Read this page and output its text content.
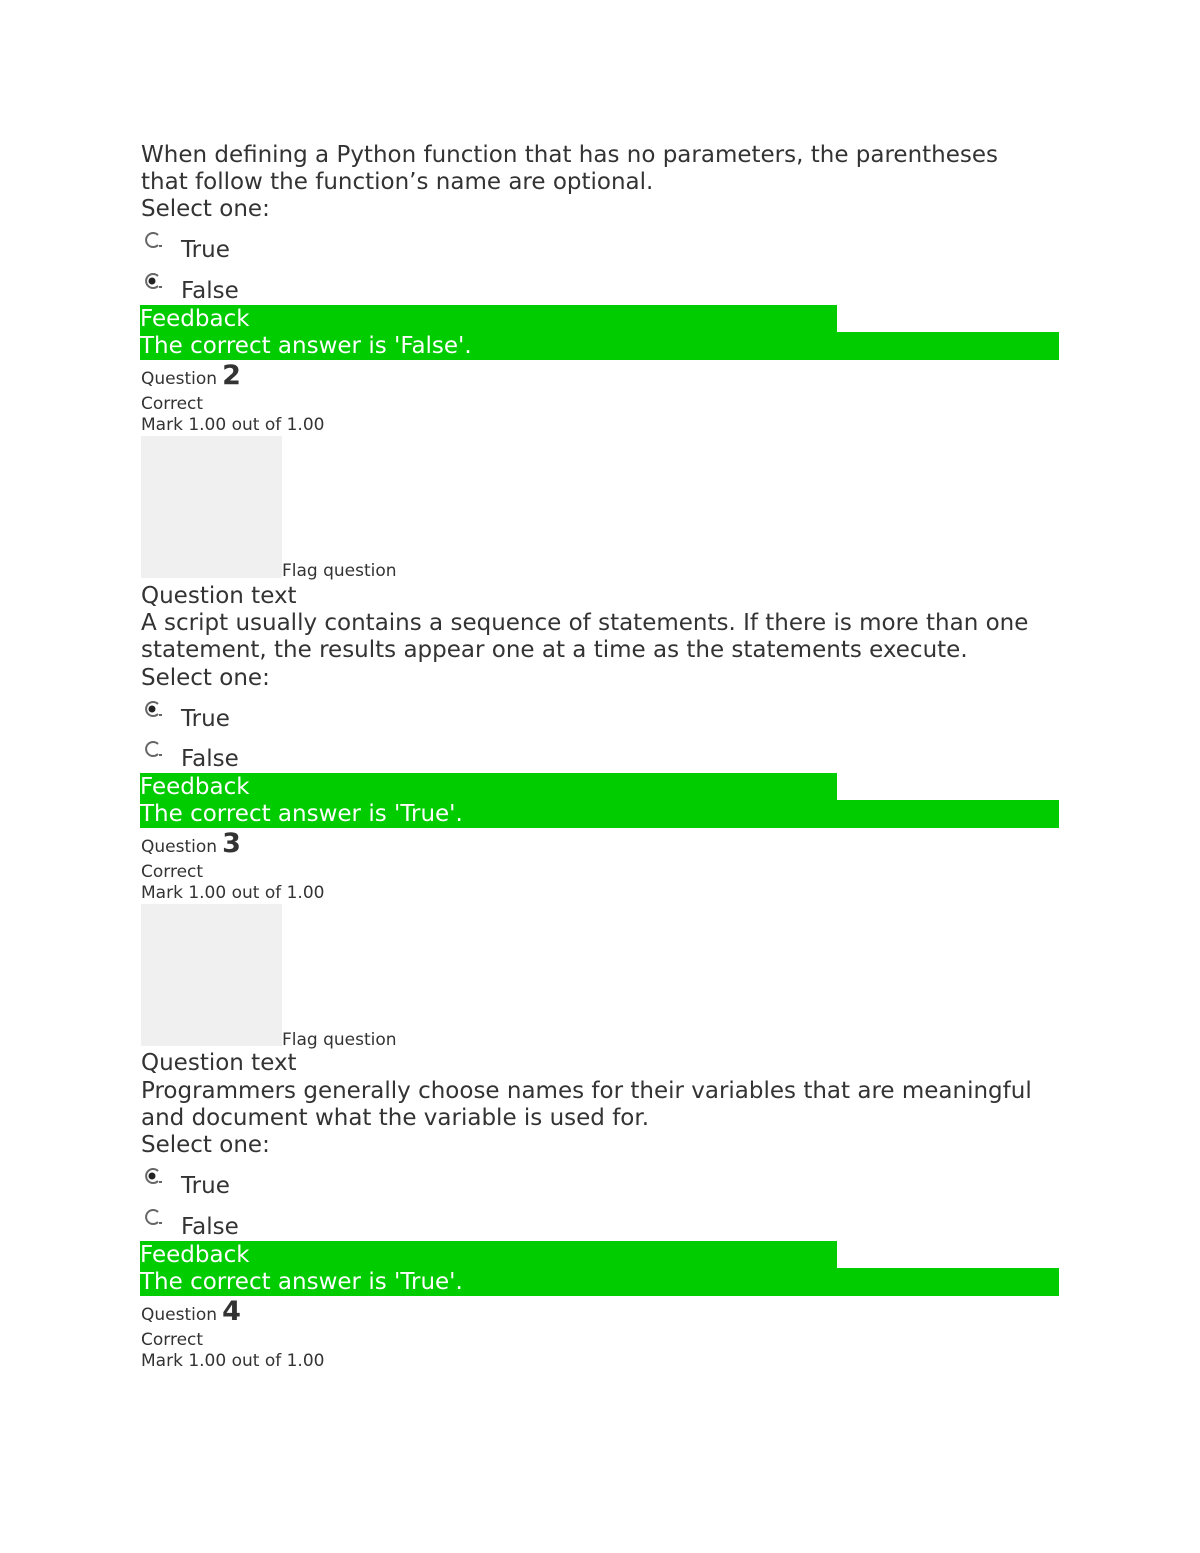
When defining a Python function that has no parameters, the parentheses
that follow the function’s name are optional.
Select one:
True
False
Feedback
The correct answer is 'False'.
Question 2
Correct
Mark 1.00 out of 1.00
Flag question
Question text
A script usually contains a sequence of statements. If there is more than one
statement, the results appear one at a time as the statements execute.
Select one:
True
False
Feedback
The correct answer is 'True'.
Question 3
Correct
Mark 1.00 out of 1.00
Flag question
Question text
Programmers generally choose names for their variables that are meaningful
and document what the variable is used for.
Select one:
True
False
Feedback
The correct answer is 'True'.
Question 4
Correct
Mark 1.00 out of 1.00
